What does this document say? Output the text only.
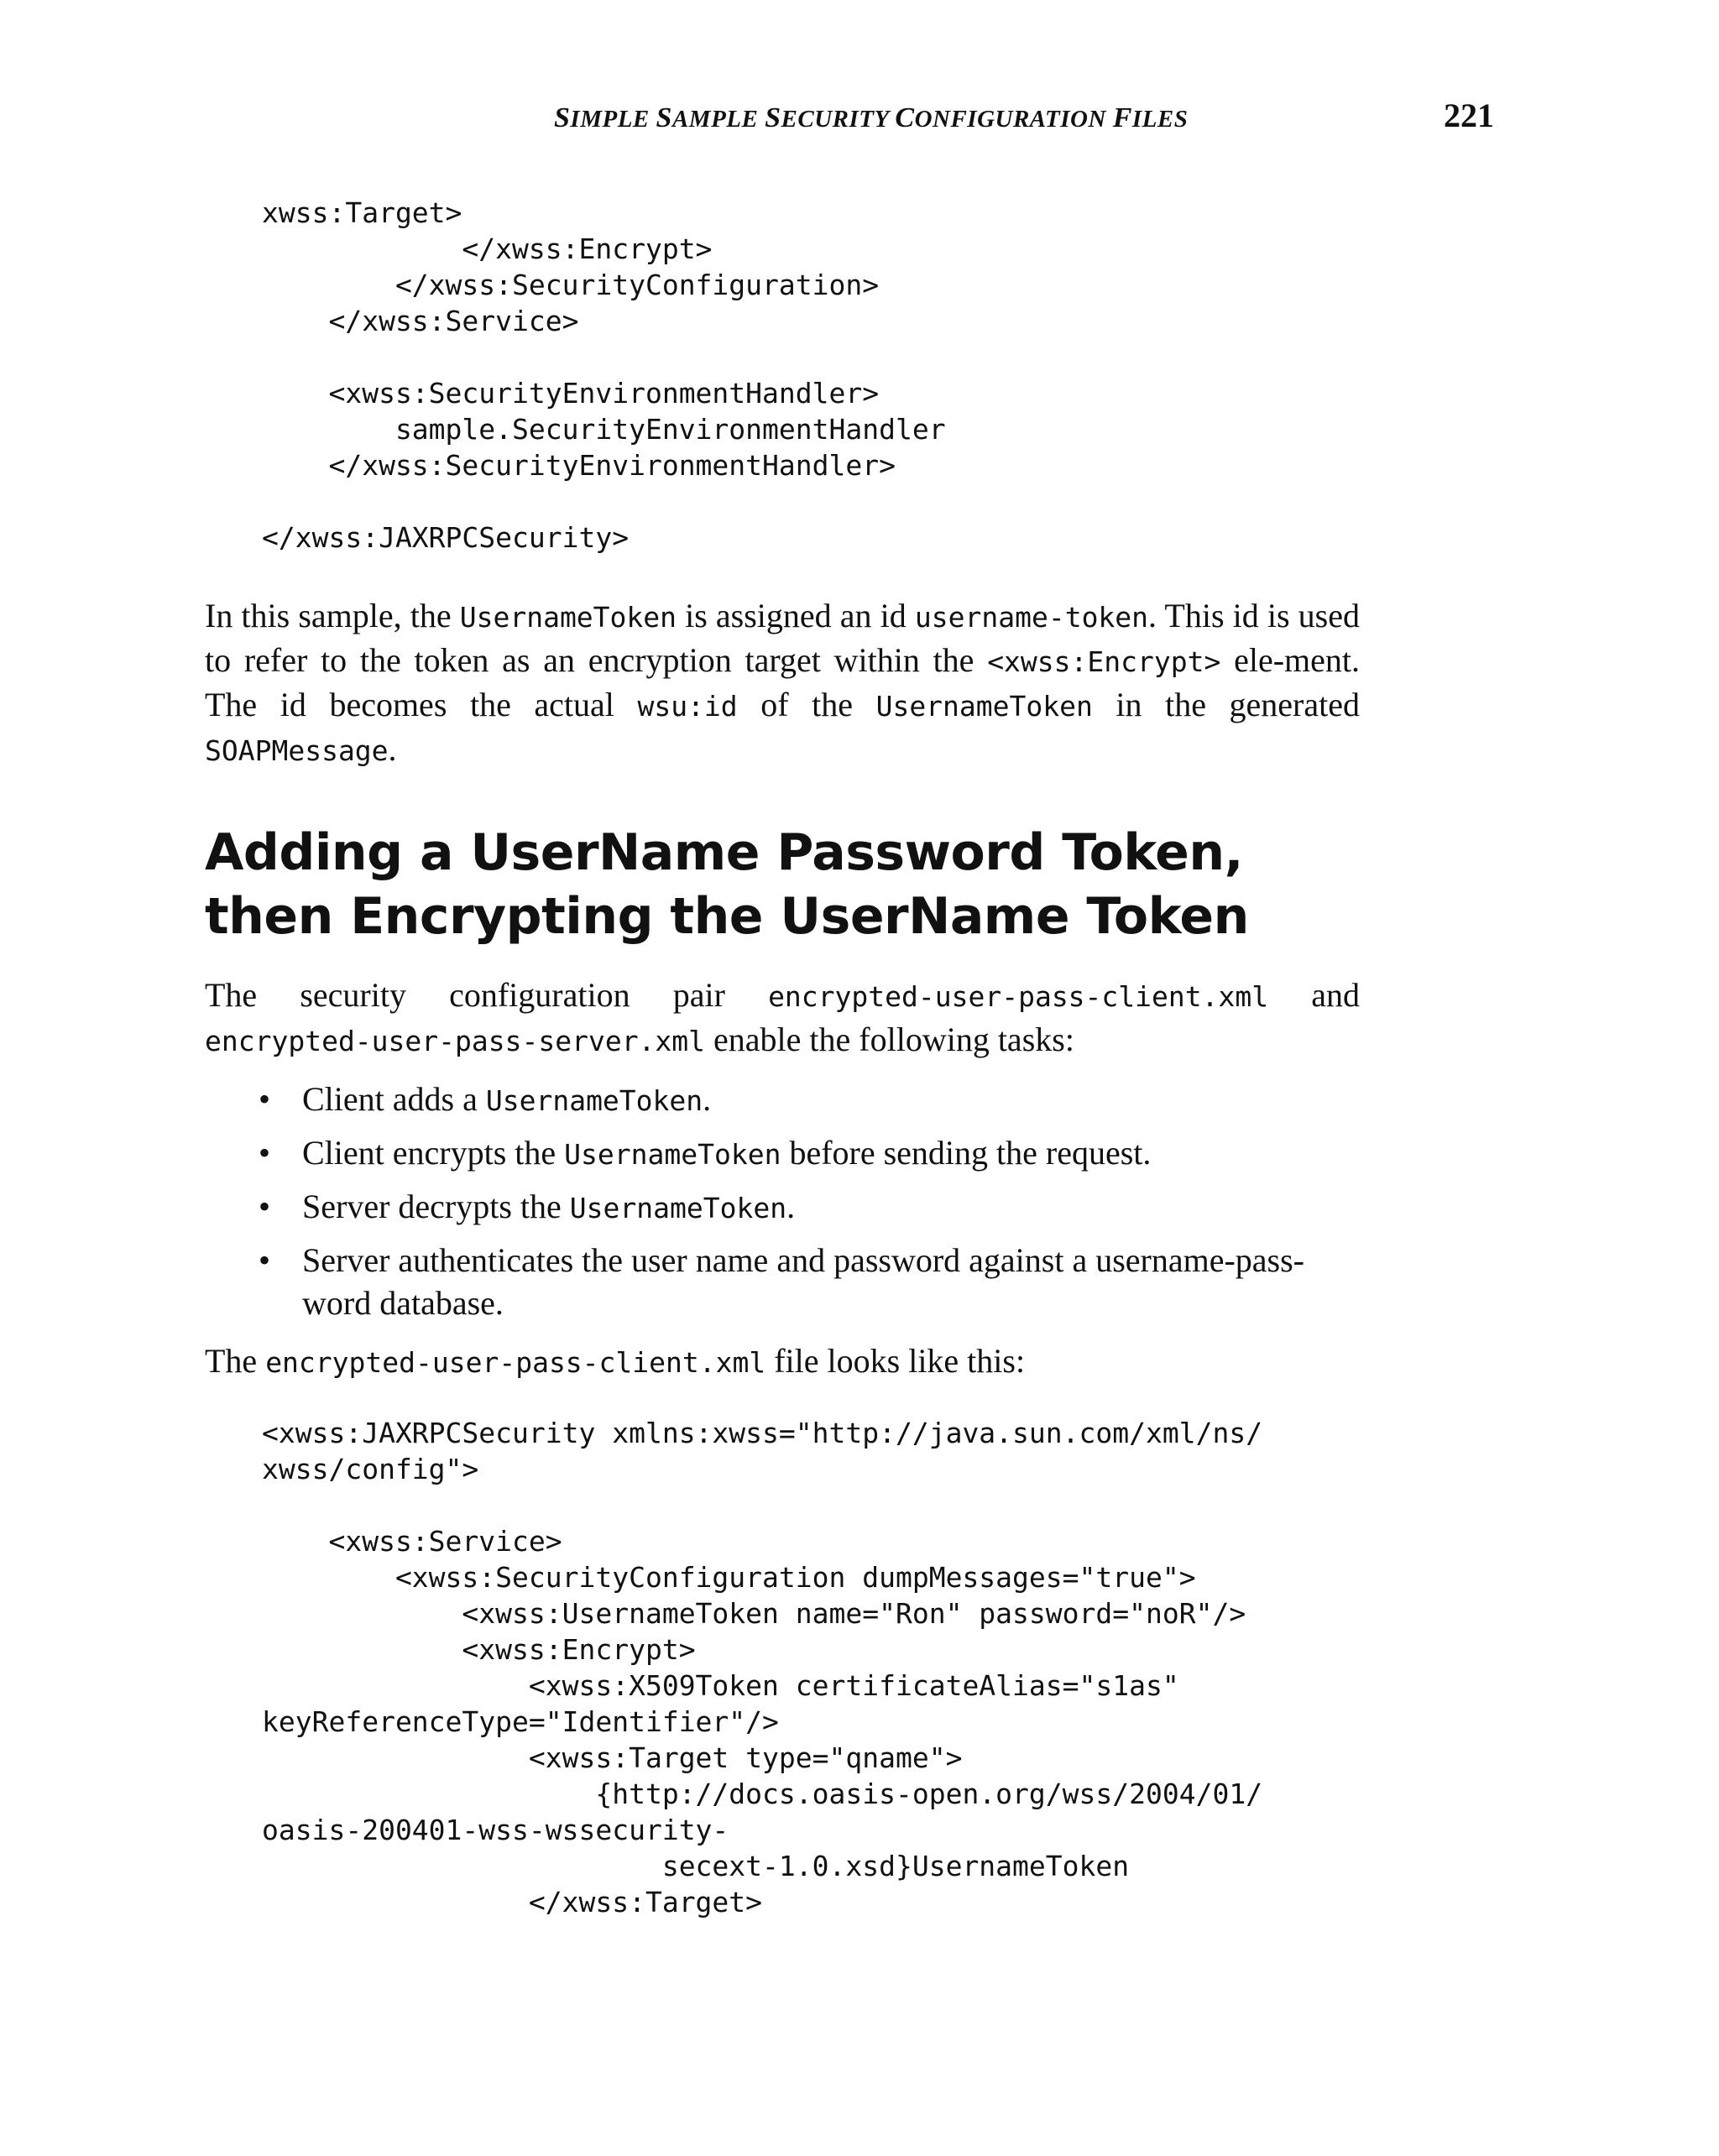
SIMPLE SAMPLE SECURITY CONFIGURATION FILES	221
xwss:Target>
</xwss:Encrypt>
</xwss:SecurityConfiguration>
</xwss:Service>

<xwss:SecurityEnvironmentHandler>
sample.SecurityEnvironmentHandler
</xwss:SecurityEnvironmentHandler>

</xwss:JAXRPCSecurity>

In this sample, the UsernameToken is assigned an id username-token. This id is used to refer to the token as an encryption target within the <xwss:Encrypt> ele-ment. The id becomes the actual wsu:id of the UsernameToken in the generated SOAPMessage.

Adding a UserName Password Token, then Encrypting the UserName Token

The security configuration pair encrypted-user-pass-client.xml and encrypted-user-pass-server.xml enable the following tasks:

• Client adds a UsernameToken.
• Client encrypts the UsernameToken before sending the request.
• Server decrypts the UsernameToken.
• Server authenticates the user name and password against a username-pass-word database.

The encrypted-user-pass-client.xml file looks like this:

<xwss:JAXRPCSecurity xmlns:xwss="http://java.sun.com/xml/ns/
xwss/config">

<xwss:Service>
<xwss:SecurityConfiguration dumpMessages="true">
<xwss:UsernameToken name="Ron" password="noR"/>
<xwss:Encrypt>
<xwss:X509Token certificateAlias="s1as"
keyReferenceType="Identifier"/>
<xwss:Target type="qname">
{http://docs.oasis-open.org/wss/2004/01/
oasis-200401-wss-wssecurity-
secext-1.0.xsd}UsernameToken
</xwss:Target>
